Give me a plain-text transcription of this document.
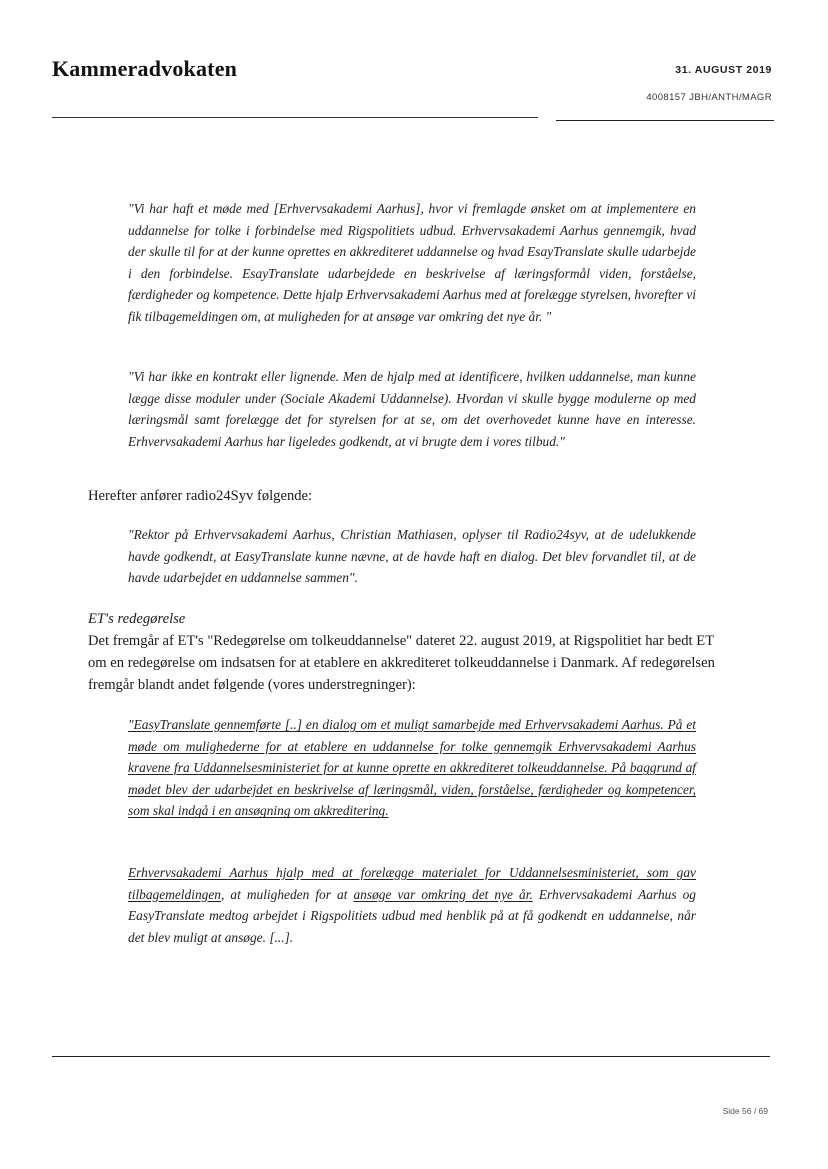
Kammeradvokaten	31. AUGUST 2019
4008157 JBH/ANTH/MAGR
"Vi har haft et møde med [Erhvervsakademi Aarhus], hvor vi fremlagde ønsket om at implementere en uddannelse for tolke i forbindelse med Rigspolitiets udbud. Erhvervsakademi Aarhus gennemgik, hvad der skulle til for at der kunne oprettes en akkrediteret uddannelse og hvad EsayTranslate skulle udarbejde i den forbindelse. EsayTranslate udarbejdede en beskrivelse af læringsformål viden, forståelse, færdigheder og kompetence. Dette hjalp Erhvervsakademi Aarhus med at forelægge styrelsen, hvorefter vi fik tilbagemeldingen om, at muligheden for at ansøge var omkring det nye år. "
"Vi har ikke en kontrakt eller lignende. Men de hjalp med at identificere, hvilken uddannelse, man kunne lægge disse moduler under (Sociale Akademi Uddannelse). Hvordan vi skulle bygge modulerne op med læringsmål samt forelægge det for styrelsen for at se, om det overhovedet kunne have en interesse. Erhvervsakademi Aarhus har ligeledes godkendt, at vi brugte dem i vores tilbud."
Herefter anfører radio24Syv følgende:
"Rektor på Erhvervsakademi Aarhus, Christian Mathiasen, oplyser til Radio24syv, at de udelukkende havde godkendt, at EasyTranslate kunne nævne, at de havde haft en dialog. Det blev forvandlet til, at de havde udarbejdet en uddannelse sammen".
ET's redegørelse
Det fremgår af ET's "Redegørelse om tolkeuddannelse" dateret 22. august 2019, at Rigspolitiet har bedt ET om en redegørelse om indsatsen for at etablere en akkrediteret tolkeuddannelse i Danmark. Af redegørelsen fremgår blandt andet følgende (vores understregninger):
"EasyTranslate gennemførte [..] en dialog om et muligt samarbejde med Erhvervsakademi Aarhus. På et møde om mulighederne for at etablere en uddannelse for tolke gennemgik Erhvervsakademi Aarhus kravene fra Uddannelsesministeriet for at kunne oprette en akkrediteret tolkeuddannelse. På baggrund af mødet blev der udarbejdet en beskrivelse af læringsmål, viden, forståelse, færdigheder og kompetencer, som skal indgå i en ansøgning om akkreditering.
Erhvervsakademi Aarhus hjalp med at forelægge materialet for Uddannelsesministeriet, som gav tilbagemeldingen, at muligheden for at ansøge var omkring det nye år. Erhvervsakademi Aarhus og EasyTranslate medtog arbejdet i Rigspolitiets udbud med henblik på at få godkendt en uddannelse, når det blev muligt at ansøge. [...].
Side 56 / 69
